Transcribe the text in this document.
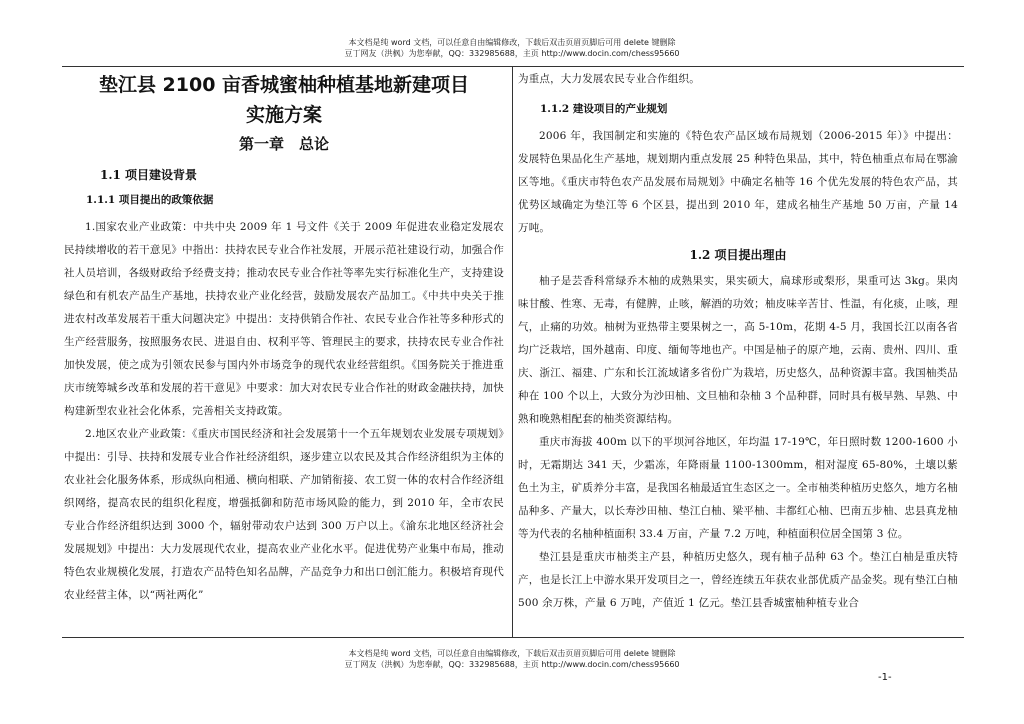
本文档是纯 word 文档，可以任意自由编辑修改，下载后双击页眉页脚后可用 delete 键删除
豆丁网友（洪枫）为您奉献，QQ：332985688，主页 http://www.docin.com/chess95660
垫江县 2100 亩香城蜜柚种植基地新建项目
实施方案
第一章　总论
1.1 项目建设背景
1.1.1 项目提出的政策依据

1.国家农业产业政策：中共中央 2009 年 1 号文件《关于 2009 年促进农业稳定发展农民持续增收的若干意见》中指出：扶持农民专业合作社发展，开展示范社建设行动，加强合作社人员培训，各级财政给予经费支持；推动农民专业合作社等率先实行标准化生产，支持建设绿色和有机农产品生产基地，扶持农业产业化经营，鼓励发展农产品加工。《中共中央关于推进农村改革发展若干重大问题决定》中提出：支持供销合作社、农民专业合作社等多种形式的生产经营服务，按照服务农民、进退自由、权利平等、管理民主的要求，扶持农民专业合作社加快发展，使之成为引领农民参与国内外市场竞争的现代农业经营组织。《国务院关于推进重庆市统筹城乡改革和发展的若干意见》中要求：加大对农民专业合作社的财政金融扶持，加快构建新型农业社会化体系，完善相关支持政策。

2.地区农业产业政策：《重庆市国民经济和社会发展第十一个五年规划农业发展专项规划》中提出：引导、扶持和发展专业合作社经济组织，逐步建立以农民及其合作经济组织为主体的农业社会化服务体系，形成纵向相通、横向相联、产加销衔接、农工贸一体的农村合作经济组织网络，提高农民的组织化程度，增强抵御和防范市场风险的能力，到 2010 年，全市农民专业合作经济组织达到 3000 个，辐射带动农户达到 300 万户以上。《渝东北地区经济社会发展规划》中提出：大力发展现代农业，提高农业产业化水平。促进优势产业集中布局，推动特色农业规模化发展，打造农产品特色知名品牌，产品竞争力和出口创汇能力。积极培育现代农业经营主体，以“两社两化”

为重点，大力发展农民专业合作组织。

1.1.2 建设项目的产业规划

2006 年，我国制定和实施的《特色农产品区域布局规划（2006-2015 年）》中提出：发展特色果品化生产基地，规划期内重点发展 25 种特色果品，其中，特色柚重点布局在鄂渝区等地。《重庆市特色农产品发展布局规划》中确定名柚等 16 个优先发展的特色农产品，其优势区域确定为垫江等 6 个区县，提出到 2010 年，建成名柚生产基地 50 万亩，产量 14 万吨。

1.2 项目提出理由

柚子是芸香科常绿乔木柚的成熟果实，果实硕大，扁球形或梨形，果重可达 3kg。果肉味甘酸、性寒、无毒，有健脾，止咳，解酒的功效；柚皮味辛苦甘、性温，有化痰，止咳，理气，止痛的功效。柚树为亚热带主要果树之一，高 5-10m，花期 4-5 月，我国长江以南各省均广泛栽培，国外越南、印度、缅甸等地也产。中国是柚子的原产地，云南、贵州、四川、重庆、浙江、福建、广东和长江流域诸多省份广为栽培，历史悠久，品种资源丰富。我国柚类品种在 100 个以上，大致分为沙田柚、文旦柚和杂柚 3 个品种群，同时具有极早熟、早熟、中熟和晚熟相配套的柚类资源结构。

重庆市海拔 400m 以下的平坝河谷地区，年均温 17-19℃，年日照时数 1200-1600 小时，无霜期达 341 天，少霜冻，年降雨量 1100-1300mm，相对湿度 65-80%，土壤以紫色土为主，矿质养分丰富，是我国名柚最适宜生态区之一。全市柚类种植历史悠久，地方名柚品种多、产量大，以长寿沙田柚、垫江白柚、梁平柚、丰都红心柚、巴南五步柚、忠县真龙柚等为代表的名柚种植面积 33.4 万亩，产量 7.2 万吨，种植面积位居全国第 3 位。

垫江县是重庆市柚类主产县，种植历史悠久，现有柚子品种 63 个。垫江白柚是重庆特产，也是长江上中游水果开发项目之一，曾经连续五年获农业部优质产品金奖。现有垫江白柚 500 余万株，产量 6 万吨，产值近 1 亿元。垫江县香城蜜柚种植专业合

本文档是纯 word 文档，可以任意自由编辑修改，下载后双击页眉页脚后可用 delete 键删除
豆丁网友（洪枫）为您奉献，QQ：332985688，主页 http://www.docin.com/chess95660
-1-
